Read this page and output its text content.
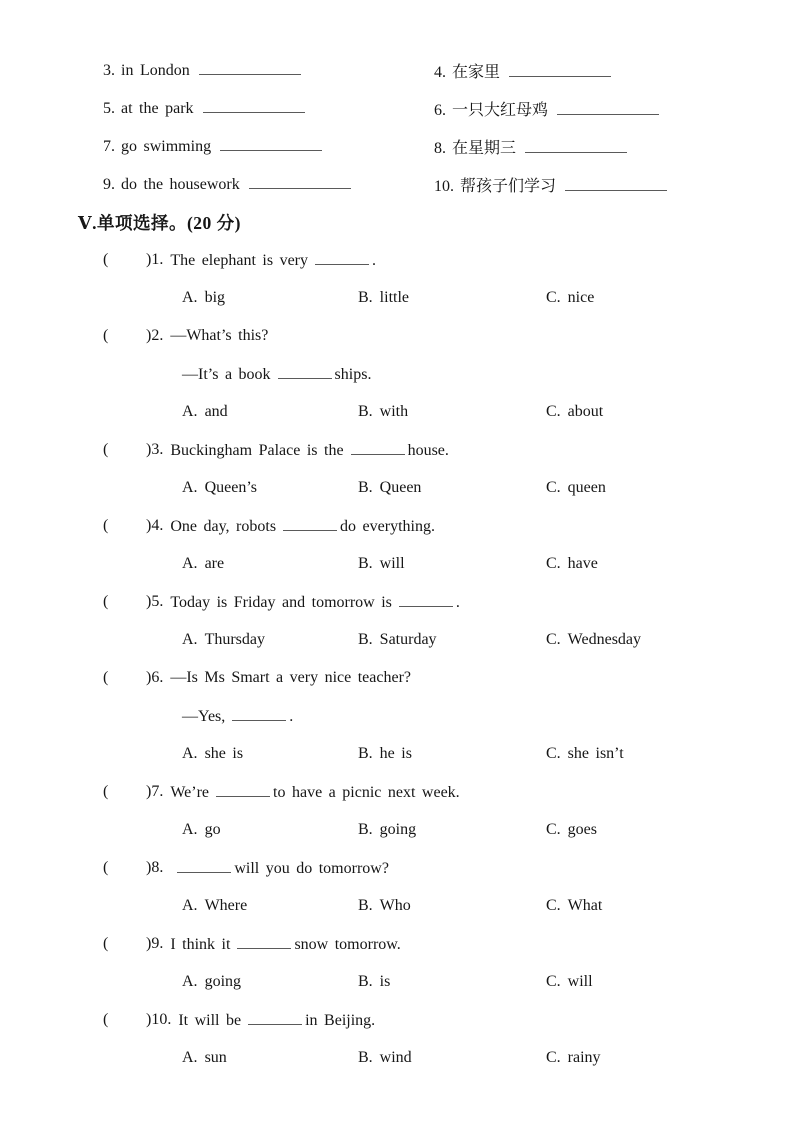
3. in London	4. 在家里
5. at the park	6. 一只大红母鸡
7. go swimming	8. 在星期三
9. do the housework	10. 帮孩子们学习
Ⅴ.单项选择。(20 分)
(	)1. The elephant is very	.
A. big	B. little	C. nice
(	)2. —What’s this?
—It’s a book	ships.
A. and	B. with	C. about
(	)3. Buckingham Palace is the	house.
A. Queen’s	B. Queen	C. queen
(	)4. One day, robots	do everything.
A. are	B. will	C. have
(	)5. Today is Friday and tomorrow is	.
A. Thursday	B. Saturday	C. Wednesday
(	)6. —Is Ms Smart a very nice teacher?
—Yes,	.
A. she is	B. he is	C. she isn’t
(	)7. We’re	to have a picnic next week.
A. go	B. going	C. goes
(	)8.	will you do tomorrow?
A. Where	B. Who	C. What
(	)9. I think it	snow tomorrow.
A. going	B. is	C. will
(	)10. It will be	in Beijing.
A. sun	B. wind	C. rainy
